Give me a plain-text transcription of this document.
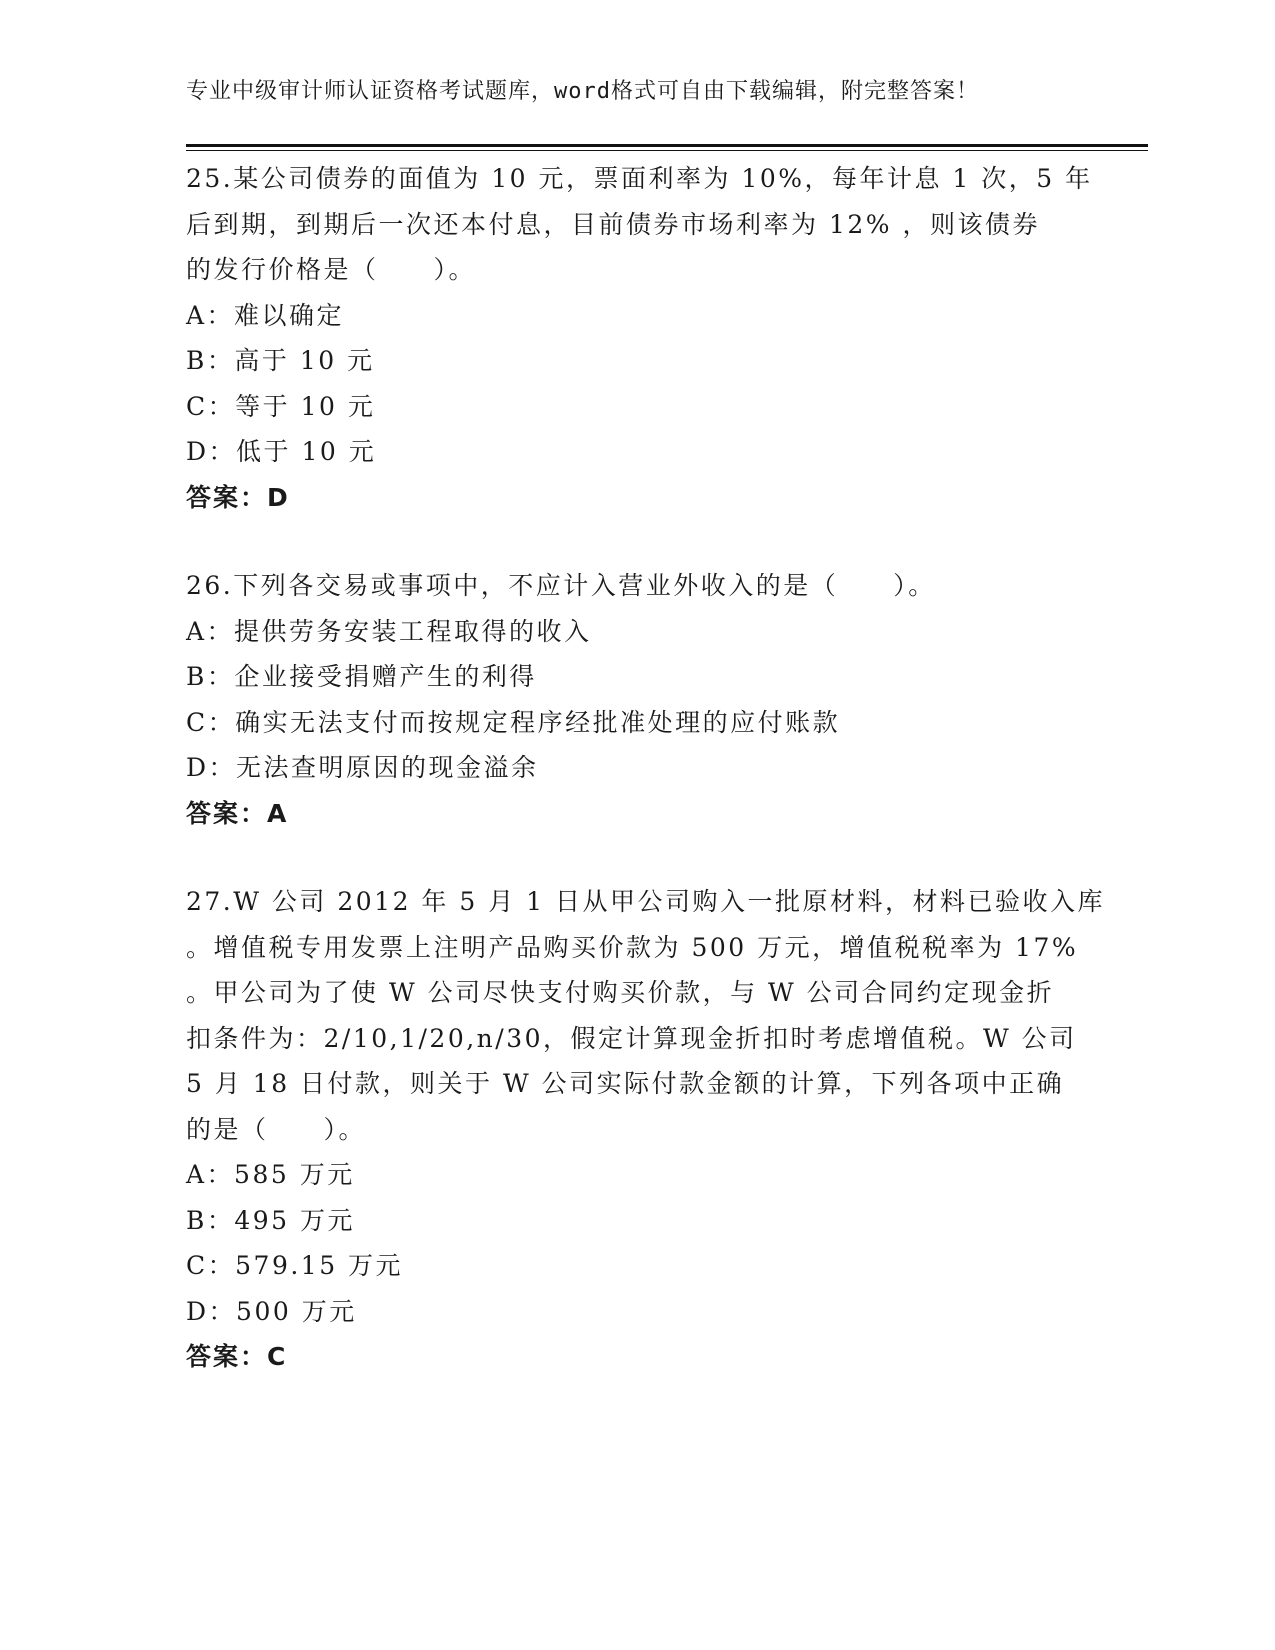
专业中级审计师认证资格考试题库，word格式可自由下载编辑，附完整答案！
25.某公司债券的面值为 10 元，票面利率为 10%，每年计息 1 次，5 年
后到期，到期后一次还本付息，目前债券市场利率为 12% ，则该债券
的发行价格是（　　）。
A：难以确定
B：高于 10 元
C：等于 10 元
D：低于 10 元
答案：D
26.下列各交易或事项中，不应计入营业外收入的是（　　）。
A：提供劳务安装工程取得的收入
B：企业接受捐赠产生的利得
C：确实无法支付而按规定程序经批准处理的应付账款
D：无法查明原因的现金溢余
答案：A
27.W 公司 2012 年 5 月 1 日从甲公司购入一批原材料，材料已验收入库
。增值税专用发票上注明产品购买价款为 500 万元，增值税税率为 17%
。甲公司为了使 W 公司尽快支付购买价款，与 W 公司合同约定现金折
扣条件为：2/10,1/20,n/30，假定计算现金折扣时考虑增值税。W 公司
5 月 18 日付款，则关于 W 公司实际付款金额的计算，下列各项中正确
的是（　　）。
A：585 万元
B：495 万元
C：579.15 万元
D：500 万元
答案：C
